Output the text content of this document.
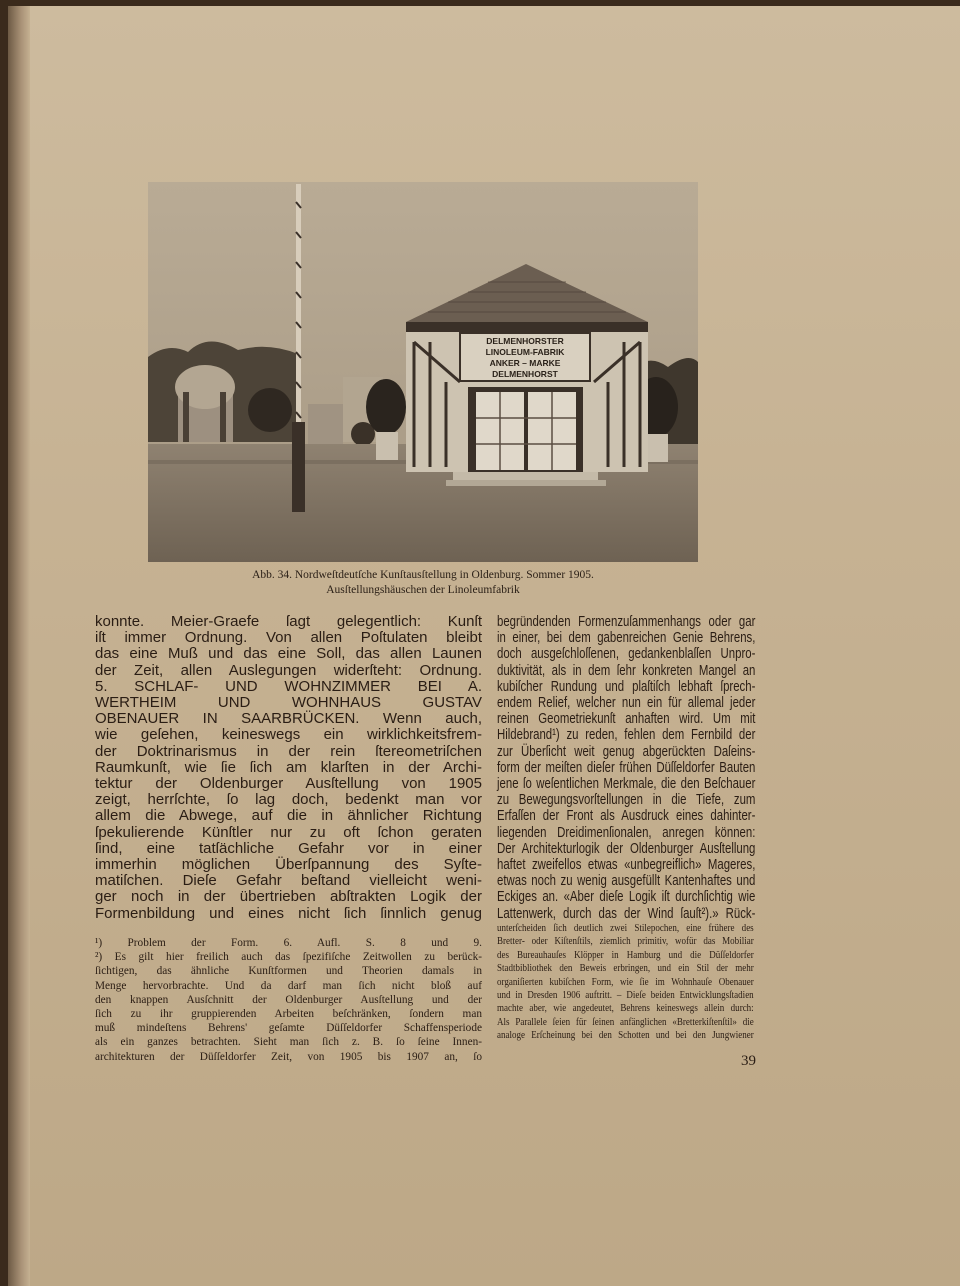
DELMENHORSTER
LINOLEUM-FABRIK
ANKER – MARKE
DELMENHORST
Abb. 34. Nordweſtdeutſche Kunſtausſtellung in Oldenburg. Sommer 1905.
Ausſtellungshäuschen der Linoleumfabrik
konnte. Meier-Graefe ſagt gelegentlich: Kunſt
iſt immer Ordnung. Von allen Poſtulaten bleibt
das eine Muß und das eine Soll, das allen Launen
der Zeit, allen Auslegungen widerſteht: Ordnung.
5. SCHLAF- UND WOHNZIMMER BEI A.
WERTHEIM UND WOHNHAUS GUSTAV
OBENAUER IN SAARBRÜCKEN. Wenn auch,
wie geſehen, keineswegs ein wirklichkeitsfrem-
der Doktrinarismus in der rein ſtereometriſchen
Raumkunſt, wie ſie ſich am klarſten in der Archi-
tektur der Oldenburger Ausſtellung von 1905
zeigt, herrſchte, ſo lag doch, bedenkt man vor
allem die Abwege, auf die in ähnlicher Richtung
ſpekulierende Künſtler nur zu oft ſchon geraten
ſind, eine tatſächliche Gefahr vor in einer
immerhin möglichen Überſpannung des Syſte-
matiſchen. Dieſe Gefahr beſtand vielleicht weni-
ger noch in der übertrieben abſtrakten Logik der
Formenbildung und eines nicht ſich ſinnlich genug
begründenden Formenzuſammenhangs oder gar
in einer, bei dem gabenreichen Genie Behrens,
doch ausgeſchloſſenen, gedankenblaſſen Unpro-
duktivität, als in dem ſehr konkreten Mangel an
kubiſcher Rundung und plaſtiſch lebhaft ſprech-
endem Relief, welcher nun ein für allemal jeder
reinen Geometriekunſt anhaften wird. Um mit
Hildebrand¹) zu reden, fehlen dem Fernbild der
zur Überſicht weit genug abgerückten Daſeins-
form der meiſten dieſer frühen Düſſeldorfer Bauten
jene ſo weſentlichen Merkmale, die den Beſchauer
zu Bewegungsvorſtellungen in die Tiefe, zum
Erfaſſen der Front als Ausdruck eines dahinter-
liegenden Dreidimenſionalen, anregen können:
Der Architekturlogik der Oldenburger Ausſtellung
haftet zweifellos etwas «unbegreiflich» Mageres,
etwas noch zu wenig ausgefüllt Kantenhaftes und
Eckiges an. «Aber dieſe Logik iſt durchſichtig wie
Lattenwerk, durch das der Wind ſauſt²).» Rück-
¹) Problem der Form. 6. Aufl. S. 8 und 9.
²) Es gilt hier freilich auch das ſpezifiſche Zeitwollen zu berück-
ſichtigen, das ähnliche Kunſtformen und Theorien damals in
Menge hervorbrachte. Und da darf man ſich nicht bloß auf
den knappen Ausſchnitt der Oldenburger Ausſtellung und der
ſich zu ihr gruppierenden Arbeiten beſchränken, ſondern man
muß mindeſtens Behrens' geſamte Düſſeldorfer Schaffensperiode
als ein ganzes betrachten. Sieht man ſich z. B. ſo ſeine Innen-
architekturen der Düſſeldorfer Zeit, von 1905 bis 1907 an, ſo
unterſcheiden ſich deutlich zwei Stilepochen, eine frühere des
Bretter- oder Kiſtenſtils, ziemlich primitiv, wofür das Mobiliar
des Bureauhauſes Klöpper in Hamburg und die Düſſeldorfer
Stadtbibliothek den Beweis erbringen, und ein Stil der mehr
organiſierten kubiſchen Form, wie ſie im Wohnhauſe Obenauer
und in Dresden 1906 auftritt. – Dieſe beiden Entwicklungsſtadien
machte aber, wie angedeutet, Behrens keineswegs allein durch:
Als Parallele ſeien für ſeinen anfänglichen «Bretterkiſtenſtil» die
analoge Erſcheinung bei den Schotten und bei den Jungwiener
39
